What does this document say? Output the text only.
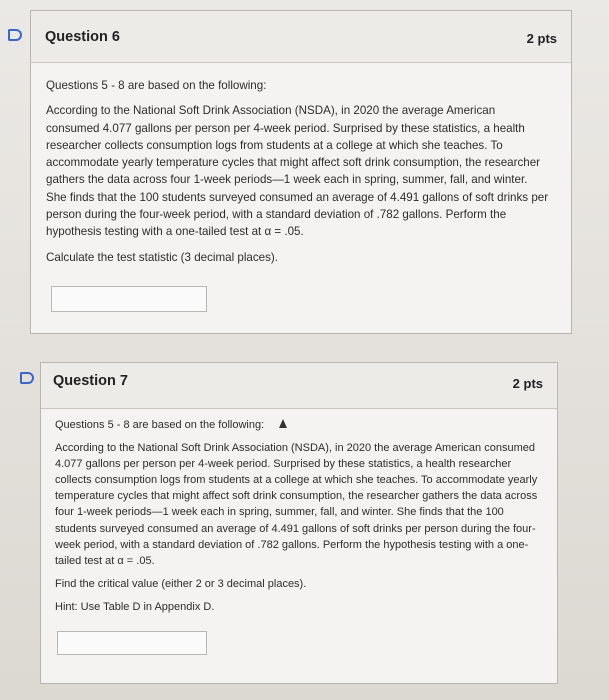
Question 6	2 pts

Questions 5 - 8 are based on the following:

According to the National Soft Drink Association (NSDA), in 2020 the average American consumed 4.077 gallons per person per 4-week period. Surprised by these statistics, a health researcher collects consumption logs from students at a college at which she teaches. To accommodate yearly temperature cycles that might affect soft drink consumption, the researcher gathers the data across four 1-week periods—1 week each in spring, summer, fall, and winter. She finds that the 100 students surveyed consumed an average of 4.491 gallons of soft drinks per person during the four-week period, with a standard deviation of .782 gallons. Perform the hypothesis testing with a one-tailed test at α = .05.

Calculate the test statistic (3 decimal places).

Question 7	2 pts

Questions 5 - 8 are based on the following:

According to the National Soft Drink Association (NSDA), in 2020 the average American consumed 4.077 gallons per person per 4-week period. Surprised by these statistics, a health researcher collects consumption logs from students at a college at which she teaches. To accommodate yearly temperature cycles that might affect soft drink consumption, the researcher gathers the data across four 1-week periods—1 week each in spring, summer, fall, and winter. She finds that the 100 students surveyed consumed an average of 4.491 gallons of soft drinks per person during the four-week period, with a standard deviation of .782 gallons. Perform the hypothesis testing with a one-tailed test at α = .05.

Find the critical value (either 2 or 3 decimal places).

Hint: Use Table D in Appendix D.
